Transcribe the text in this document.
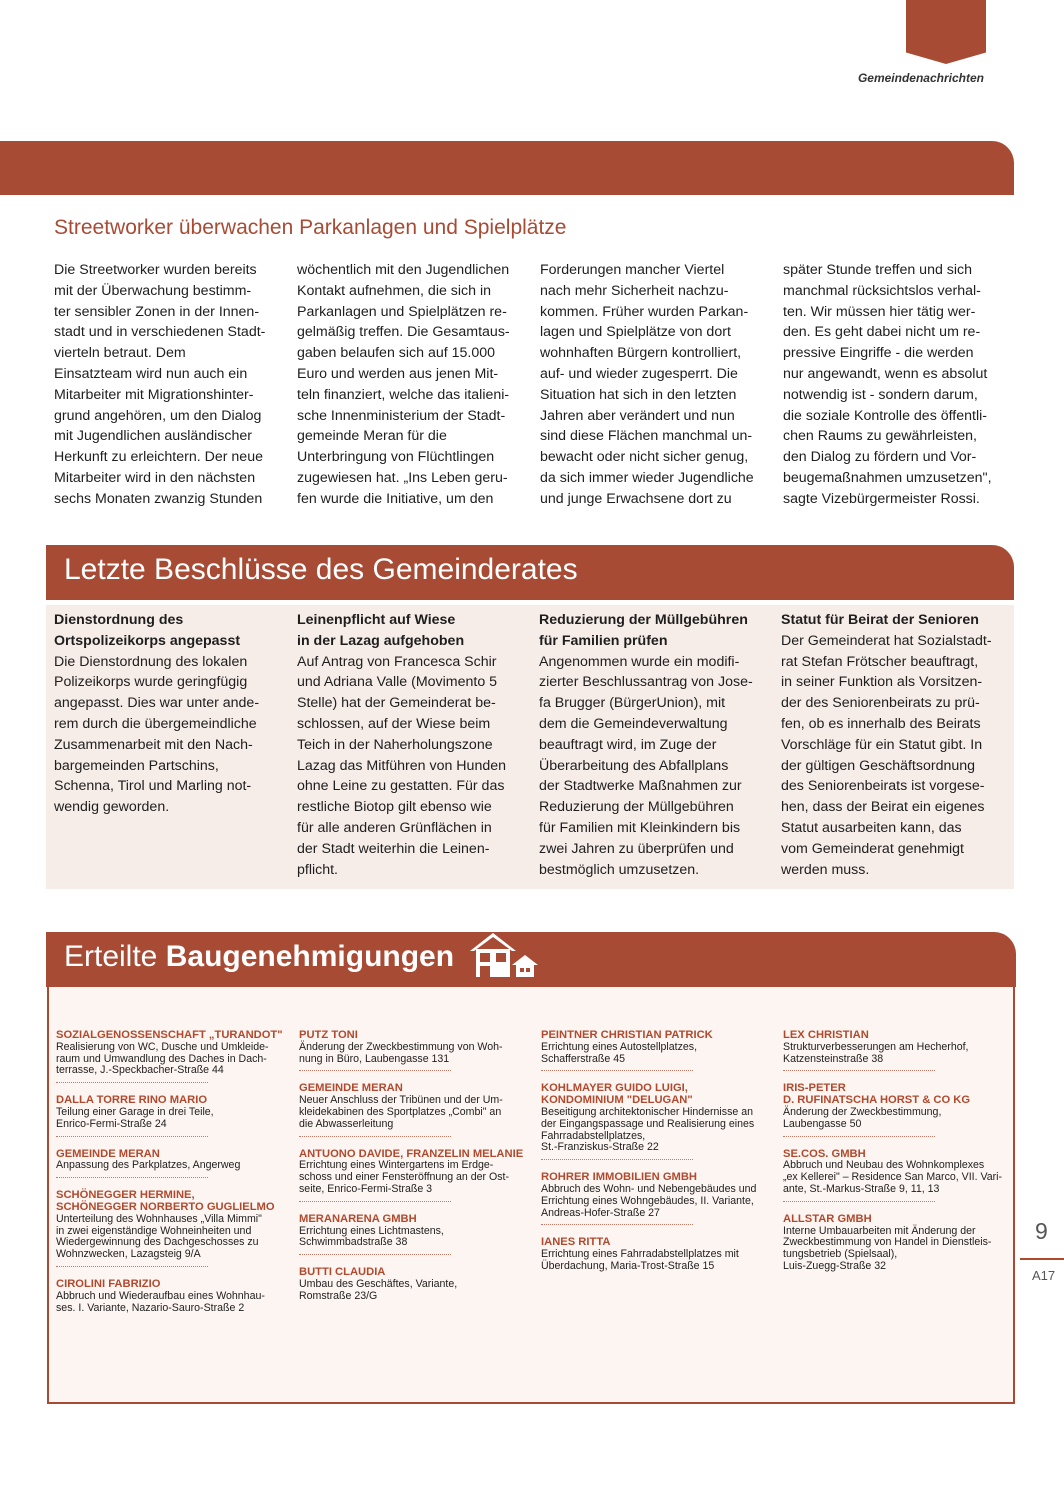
Gemeindenachrichten
Streetworker überwachen Parkanlagen und Spielplätze
Die Streetworker wurden bereits
mit der Überwachung bestimm-
ter sensibler Zonen in der Innen-
stadt und in verschiedenen Stadt-
vierteln betraut. Dem
Einsatzteam wird nun auch ein
Mitarbeiter mit Migrationshinter-
grund angehören, um den Dialog
mit Jugendlichen ausländischer
Herkunft zu erleichtern. Der neue
Mitarbeiter wird in den nächsten
sechs Monaten zwanzig Stunden
wöchentlich mit den Jugendlichen
Kontakt aufnehmen, die sich in
Parkanlagen und Spielplätzen re-
gelmäßig treffen. Die Gesamtaus-
gaben belaufen sich auf 15.000
Euro und werden aus jenen Mit-
teln finanziert, welche das italieni-
sche Innenministerium der Stadt-
gemeinde Meran für die
Unterbringung von Flüchtlingen
zugewiesen hat. „Ins Leben geru-
fen wurde die Initiative, um den
Forderungen mancher Viertel
nach mehr Sicherheit nachzu-
kommen. Früher wurden Parkan-
lagen und Spielplätze von dort
wohnhaften Bürgern kontrolliert,
auf- und wieder zugesperrt. Die
Situation hat sich in den letzten
Jahren aber verändert und nun
sind diese Flächen manchmal un-
bewacht oder nicht sicher genug,
da sich immer wieder Jugendliche
und junge Erwachsene dort zu
später Stunde treffen und sich
manchmal rücksichtslos verhal-
ten. Wir müssen hier tätig wer-
den. Es geht dabei nicht um re-
pressive Eingriffe - die werden
nur angewandt, wenn es absolut
notwendig ist - sondern darum,
die soziale Kontrolle des öffentli-
chen Raums zu gewährleisten,
den Dialog zu fördern und Vor-
beugemaßnahmen umzusetzen",
sagte Vizebürgermeister Rossi.
Letzte Beschlüsse des Gemeinderates
Dienstordnung des
Ortspolizeikorps angepasst
Die Dienstordnung des lokalen
Polizeikorps wurde geringfügig
angepasst. Dies war unter ande-
rem durch die übergemeindliche
Zusammenarbeit mit den Nach-
bargemeinden Partschins,
Schenna, Tirol und Marling not-
wendig geworden.
Leinenpflicht auf Wiese
in der Lazag aufgehoben
Auf Antrag von Francesca Schir
und Adriana Valle (Movimento 5
Stelle) hat der Gemeinderat be-
schlossen, auf der Wiese beim
Teich in der Naherholungszone
Lazag das Mitführen von Hunden
ohne Leine zu gestatten. Für das
restliche Biotop gilt ebenso wie
für alle anderen Grünflächen in
der Stadt weiterhin die Leinen-
pflicht.
Reduzierung der Müllgebühren
für Familien prüfen
Angenommen wurde ein modifi-
zierter Beschlussantrag von Jose-
fa Brugger (BürgerUnion), mit
dem die Gemeindeverwaltung
beauftragt wird, im Zuge der
Überarbeitung des Abfallplans
der Stadtwerke Maßnahmen zur
Reduzierung der Müllgebühren
für Familien mit Kleinkindern bis
zwei Jahren zu überprüfen und
bestmöglich umzusetzen.
Statut für Beirat der Senioren
Der Gemeinderat hat Sozialstadt-
rat Stefan Frötscher beauftragt,
in seiner Funktion als Vorsitzen-
der des Seniorenbeirats zu prü-
fen, ob es innerhalb des Beirats
Vorschläge für ein Statut gibt. In
der gültigen Geschäftsordnung
des Seniorenbeirats ist vorgese-
hen, dass der Beirat ein eigenes
Statut ausarbeiten kann, das
vom Gemeinderat genehmigt
werden muss.
Erteilte Baugenehmigungen
SOZIALGENOSSENSCHAFT „TURANDOT"
Realisierung von WC, Dusche und Umkleide-
raum und Umwandlung des Daches in Dach-
terrasse, J.-Speckbacher-Straße 44
DALLA TORRE RINO MARIO
Teilung einer Garage in drei Teile,
Enrico-Fermi-Straße 24
GEMEINDE MERAN
Anpassung des Parkplatzes, Angerweg
SCHÖNEGGER HERMINE,
SCHÖNEGGER NORBERTO GUGLIELMO
Unterteilung des Wohnhauses „Villa Mimmi"
in zwei eigenständige Wohneinheiten und
Wiedergewinnung des Dachgeschosses zu
Wohnzwecken, Lazagsteig 9/A
CIROLINI FABRIZIO
Abbruch und Wiederaufbau eines Wohnhau-
ses. I. Variante, Nazario-Sauro-Straße 2
PUTZ TONI
Änderung der Zweckbestimmung von Woh-
nung in Büro, Laubengasse 131
GEMEINDE MERAN
Neuer Anschluss der Tribünen und der Um-
kleidekabinen des Sportplatzes „Combi" an
die Abwasserleitung
ANTUONO DAVIDE, FRANZELIN MELANIE
Errichtung eines Wintergartens im Erdge-
schoss und einer Fensteröffnung an der Ost-
seite, Enrico-Fermi-Straße 3
MERANARENA GMBH
Errichtung eines Lichtmastens,
Schwimmbadstraße 38
BUTTI CLAUDIA
Umbau des Geschäftes, Variante,
Romstraße 23/G
PEINTNER CHRISTIAN PATRICK
Errichtung eines Autostellplatzes,
Schafferstraße 45
KOHLMAYER GUIDO LUIGI,
KONDOMINIUM "DELUGAN"
Beseitigung architektonischer Hindernisse an
der Eingangspassage und Realisierung eines
Fahrradabstellplatzes,
St.-Franziskus-Straße 22
ROHRER IMMOBILIEN GMBH
Abbruch des Wohn- und Nebengebäudes und
Errichtung eines Wohngebäudes, II. Variante,
Andreas-Hofer-Straße 27
IANES RITTA
Errichtung eines Fahrradabstellplatzes mit
Überdachung, Maria-Trost-Straße 15
LEX CHRISTIAN
Strukturverbesserungen am Hecherhof,
Katzensteinstraße 38
IRIS-PETER
D. RUFINATSCHA HORST & CO KG
Änderung der Zweckbestimmung,
Laubengasse 50
SE.COS. GMBH
Abbruch und Neubau des Wohnkomplexes
„ex Kellerei" – Residence San Marco, VII. Vari-
ante, St.-Markus-Straße 9, 11, 13
ALLSTAR GMBH
Interne Umbauarbeiten mit Änderung der
Zweckbestimmung von Handel in Dienstleis-
tungsbetrieb (Spielsaal),
Luis-Zuegg-Straße 32
9
A17
